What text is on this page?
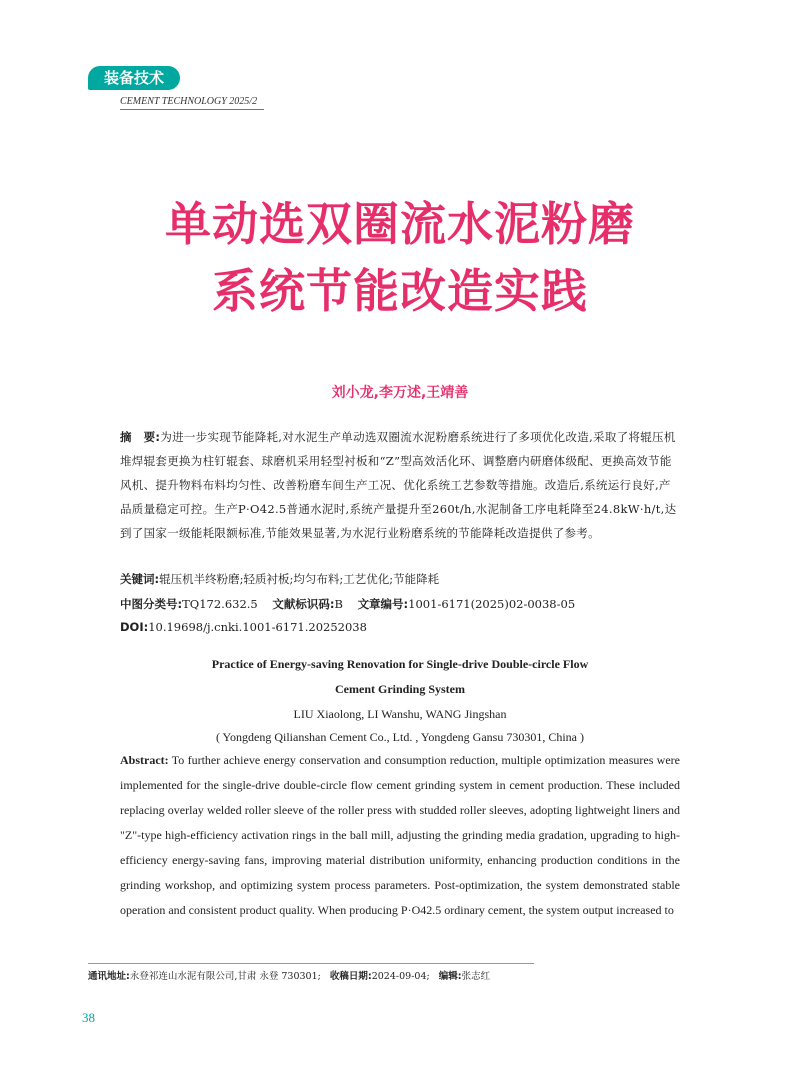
装备技术
CEMENT TECHNOLOGY 2025/2
单动选双圈流水泥粉磨
系统节能改造实践
刘小龙,李万述,王靖善
摘　要:为进一步实现节能降耗,对水泥生产单动选双圈流水泥粉磨系统进行了多项优化改造,采取了将辊压机堆焊辊套更换为柱钉辊套、球磨机采用轻型衬板和“Z”型高效活化环、调整磨内研磨体级配、更换高效节能风机、提升物料布料均匀性、改善粉磨车间生产工况、优化系统工艺参数等措施。改造后,系统运行良好,产品质量稳定可控。生产P·O42.5普通水泥时,系统产量提升至260t/h,水泥制备工序电耗降至24.8kW·h/t,达到了国家一级能耗限额标准,节能效果显著,为水泥行业粉磨系统的节能降耗改造提供了参考。
关键词:辊压机半终粉磨;轻质衬板;均匀布料;工艺优化;节能降耗
中图分类号:TQ172.632.5 文献标识码:B 文章编号:1001-6171(2025)02-0038-05
DOI:10.19698/j.cnki.1001-6171.20252038
Practice of Energy-saving Renovation for Single-drive Double-circle Flow
Cement Grinding System
LIU Xiaolong, LI Wanshu, WANG Jingshan
( Yongdeng Qilianshan Cement Co., Ltd. , Yongdeng Gansu 730301, China )
Abstract: To further achieve energy conservation and consumption reduction, multiple optimization measures were implemented for the single-drive double-circle flow cement grinding system in cement production. These included replacing overlay welded roller sleeve of the roller press with studded roller sleeves, adopting lightweight liners and "Z"-type high-efficiency activation rings in the ball mill, adjusting the grinding media gradation, upgrading to high-efficiency energy-saving fans, improving material distribution uniformity, enhancing production conditions in the grinding workshop, and optimizing system process parameters. Post-optimization, the system demonstrated stable operation and consistent product quality. When producing P·O42.5 ordinary cement, the system output increased to
通讯地址:永登祁连山水泥有限公司,甘肃 永登 730301; 收稿日期:2024-09-04; 编辑:张志红
38
